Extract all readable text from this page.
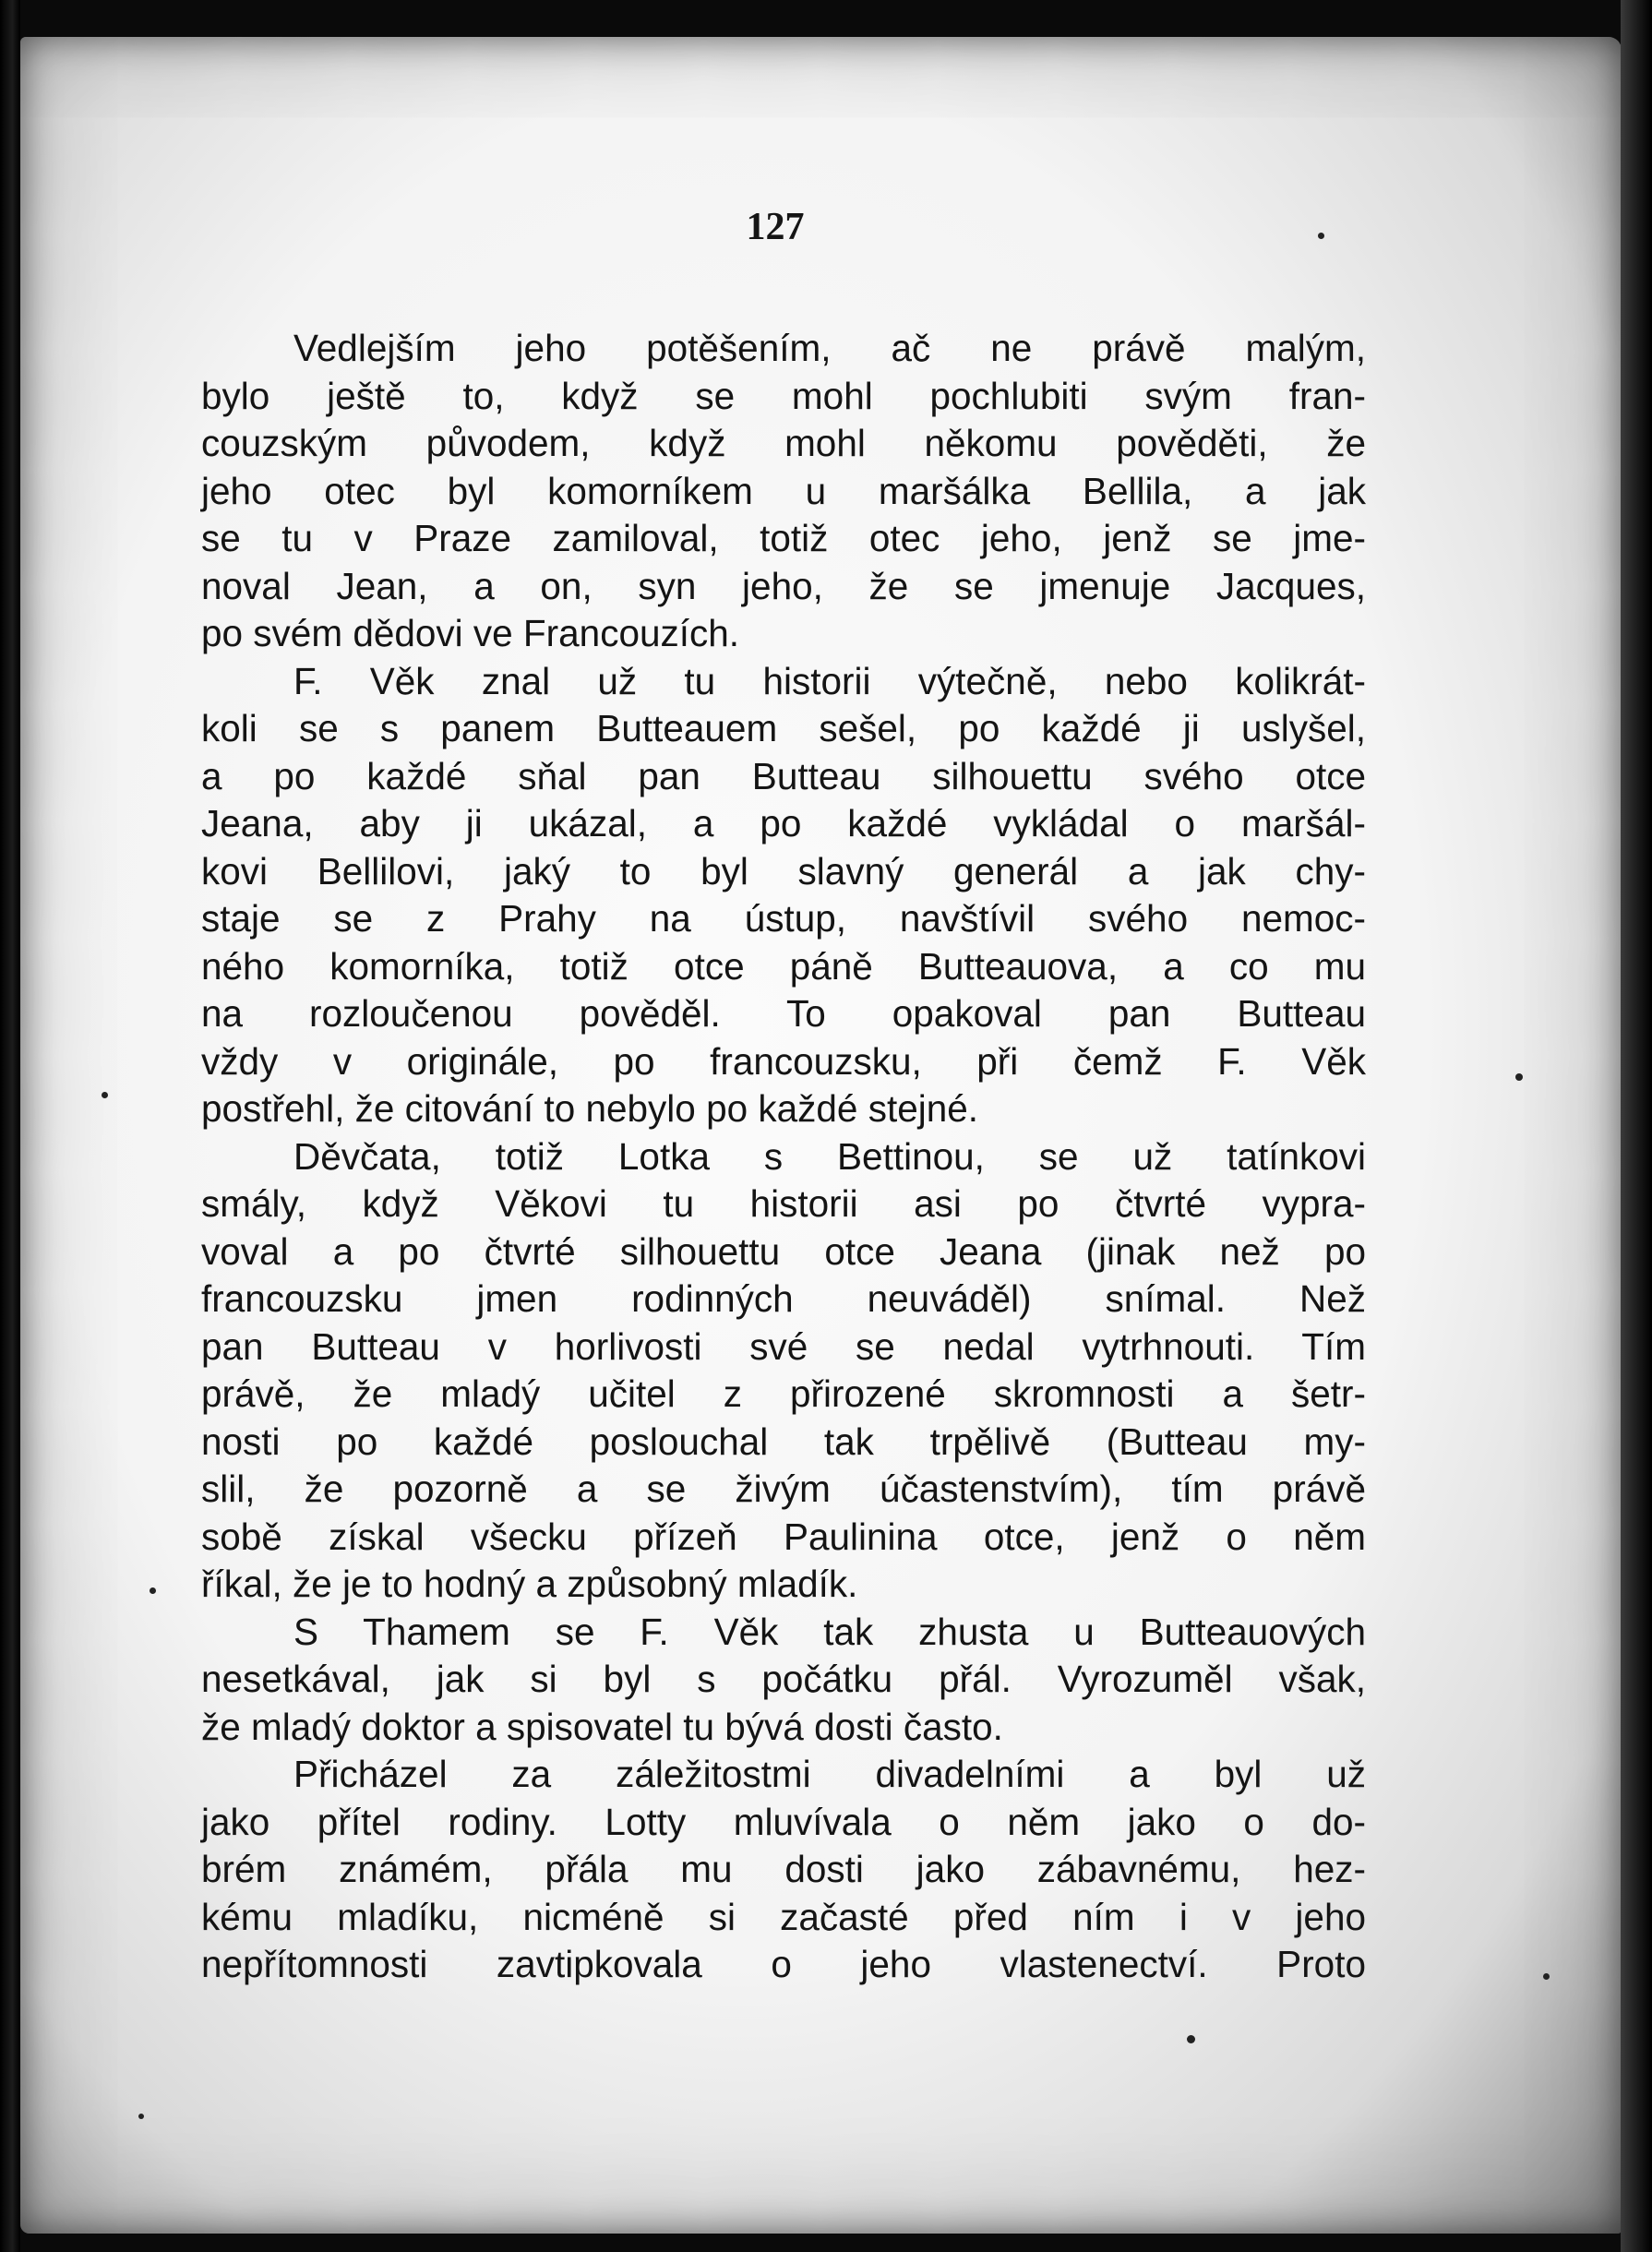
127
Vedlejším jeho potěšením, ač ne právě malým,
bylo ještě to, když se mohl pochlubiti svým fran-
couzským původem, když mohl někomu pověděti, že
jeho otec byl komorníkem u maršálka Bellila, a jak
se tu v Praze zamiloval, totiž otec jeho, jenž se jme-
noval Jean, a on, syn jeho, že se jmenuje Jacques,
po svém dědovi ve Francouzích.
F. Věk znal už tu historii výtečně, nebo kolikrát-
koli se s panem Butteauem sešel, po každé ji uslyšel,
a po každé sňal pan Butteau silhouettu svého otce
Jeana, aby ji ukázal, a po každé vykládal o maršál-
kovi Bellilovi, jaký to byl slavný generál a jak chy-
staje se z Prahy na ústup, navštívil svého nemoc-
ného komorníka, totiž otce páně Butteauova, a co mu
na rozloučenou pověděl. To opakoval pan Butteau
vždy v originále, po francouzsku, při čemž F. Věk
postřehl, že citování to nebylo po každé stejné.
Děvčata, totiž Lotka s Bettinou, se už tatínkovi
smály, když Věkovi tu historii asi po čtvrté vypra-
voval a po čtvrté silhouettu otce Jeana (jinak než po
francouzsku jmen rodinných neuváděl) snímal. Než
pan Butteau v horlivosti své se nedal vytrhnouti. Tím
právě, že mladý učitel z přirozené skromnosti a šetr-
nosti po každé poslouchal tak trpělivě (Butteau my-
slil, že pozorně a se živým účastenstvím), tím právě
sobě získal všecku přízeň Paulinina otce, jenž o něm
říkal, že je to hodný a způsobný mladík.
S Thamem se F. Věk tak zhusta u Butteauových
nesetkával, jak si byl s počátku přál. Vyrozuměl však,
že mladý doktor a spisovatel tu bývá dosti často.
Přicházel za záležitostmi divadelními a byl už
jako přítel rodiny. Lotty mluvívala o něm jako o do-
brém známém, přála mu dosti jako zábavnému, hez-
kému mladíku, nicméně si začasté před ním i v jeho
nepřítomnosti zavtipkovala o jeho vlastenectví. Proto
